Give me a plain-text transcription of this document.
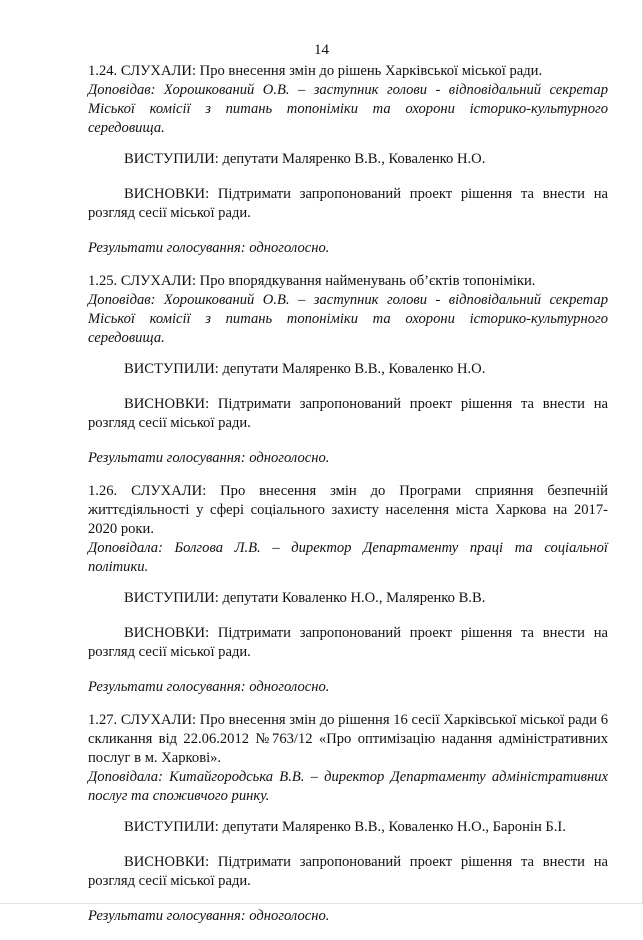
14
1.24. СЛУХАЛИ: Про внесення змін до рішень Харківської міської ради.
Доповідав: Хорошкований О.В. – заступник голови - відповідальний секретар Міської комісії з питань топоніміки та охорони історико-культурного середовища.
ВИСТУПИЛИ: депутати Маляренко В.В., Коваленко Н.О.
ВИСНОВКИ: Підтримати запропонований проект рішення та внести на розгляд сесії міської ради.
Результати голосування: одноголосно.
1.25. СЛУХАЛИ: Про впорядкування найменувань об’єктів топоніміки.
Доповідав: Хорошкований О.В. – заступник голови - відповідальний секретар Міської комісії з питань топоніміки та охорони історико-культурного середовища.
ВИСТУПИЛИ: депутати Маляренко В.В., Коваленко Н.О.
ВИСНОВКИ: Підтримати запропонований проект рішення та внести на розгляд сесії міської ради.
Результати голосування: одноголосно.
1.26. СЛУХАЛИ: Про внесення змін до Програми сприяння безпечній життєдіяльності у сфері соціального захисту населення міста Харкова на 2017-2020 роки.
Доповідала: Болгова Л.В. – директор Департаменту праці та соціальної політики.
ВИСТУПИЛИ: депутати Коваленко Н.О., Маляренко В.В.
ВИСНОВКИ: Підтримати запропонований проект рішення та внести на розгляд сесії міської ради.
Результати голосування: одноголосно.
1.27. СЛУХАЛИ: Про внесення змін до рішення 16 сесії Харківської міської ради 6 скликання від 22.06.2012 №763/12 «Про оптимізацію надання адміністративних послуг в м. Харкові».
Доповідала: Китайгородська В.В. – директор Департаменту адміністративних послуг та споживчого ринку.
ВИСТУПИЛИ: депутати Маляренко В.В., Коваленко Н.О., Баронін Б.І.
ВИСНОВКИ: Підтримати запропонований проект рішення та внести на розгляд сесії міської ради.
Результати голосування: одноголосно.
